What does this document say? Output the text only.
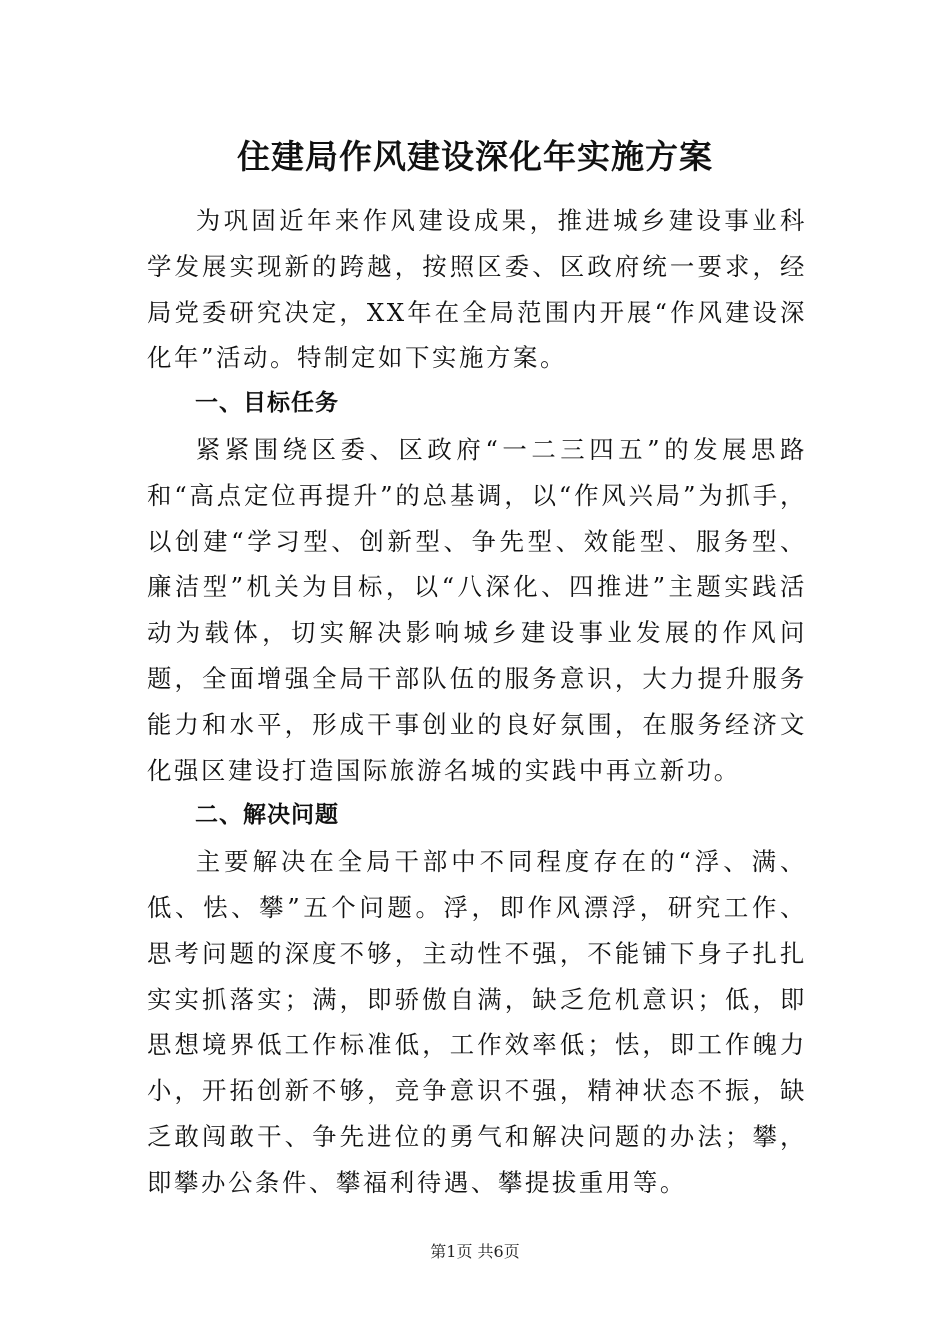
住建局作风建设深化年实施方案

为巩固近年来作风建设成果，推进城乡建设事业科学发展实现新的跨越，按照区委、区政府统一要求，经局党委研究决定，XX年在全局范围内开展“作风建设深化年”活动。特制定如下实施方案。

一、目标任务

紧紧围绕区委、区政府“一二三四五”的发展思路和“高点定位再提升”的总基调，以“作风兴局”为抓手，以创建“学习型、创新型、争先型、效能型、服务型、廉洁型”机关为目标，以“八深化、四推进”主题实践活动为载体，切实解决影响城乡建设事业发展的作风问题，全面增强全局干部队伍的服务意识，大力提升服务能力和水平，形成干事创业的良好氛围，在服务经济文化强区建设打造国际旅游名城的实践中再立新功。

二、解决问题

主要解决在全局干部中不同程度存在的“浮、满、低、怯、攀”五个问题。浮，即作风漂浮，研究工作、思考问题的深度不够，主动性不强，不能铺下身子扎扎实实抓落实；满，即骄傲自满，缺乏危机意识；低，即思想境界低工作标准低，工作效率低；怯，即工作魄力小，开拓创新不够，竞争意识不强，精神状态不振，缺乏敢闯敢干、争先进位的勇气和解决问题的办法；攀，即攀办公条件、攀福利待遇、攀提拔重用等。

第1页 共6页
